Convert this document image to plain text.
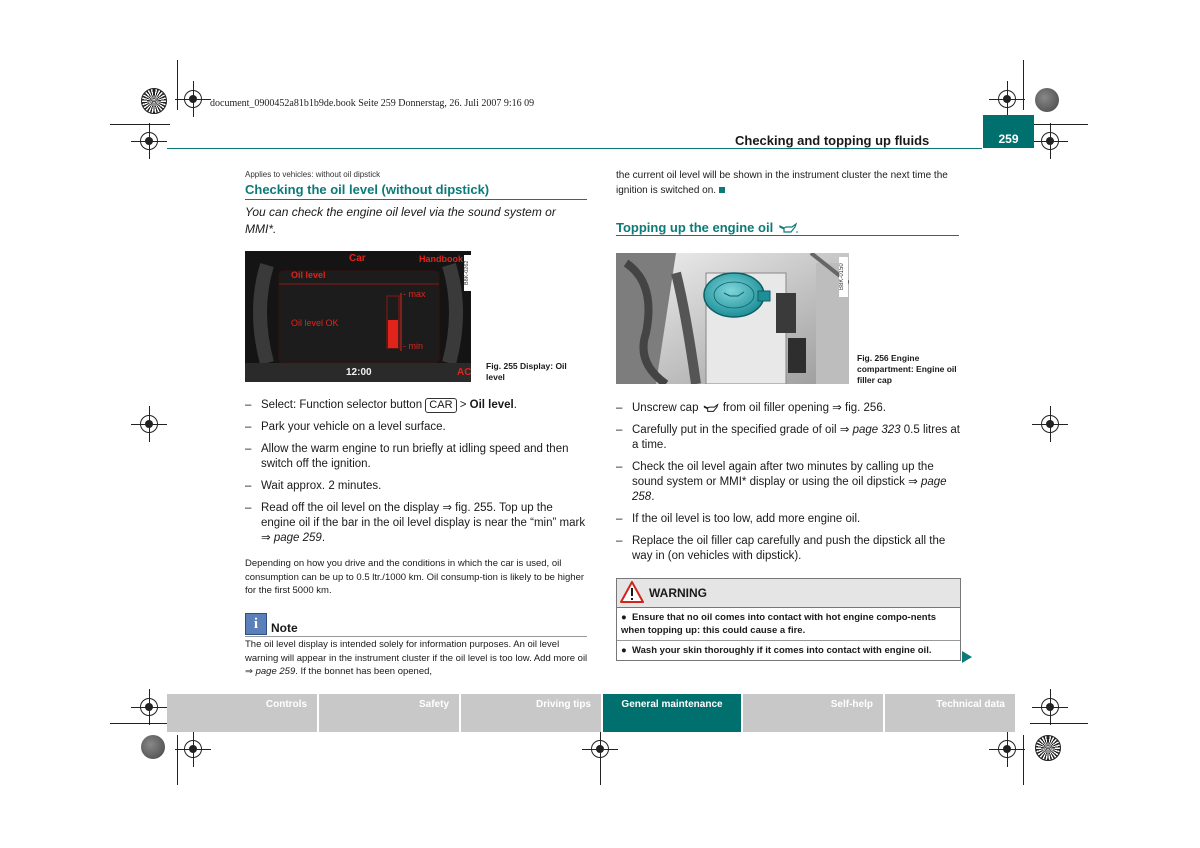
document_0900452a81b1b9de.book Seite 259 Donnerstag, 26. Juli 2007 9:16 09
Checking and topping up fluids	259
Applies to vehicles: without oil dipstick
Checking the oil level (without dipstick)
You can check the engine oil level via the sound system or MMI*.
Car	Handbook
Oil level
Oil level OK
- max
- min
12:00	AC
B8K-0262
Fig. 255 Display: Oil level
– Select: Function selector button CAR > Oil level.
– Park your vehicle on a level surface.
– Allow the warm engine to run briefly at idling speed and then switch off the ignition.
– Wait approx. 2 minutes.
– Read off the oil level on the display ⇒ fig. 255. Top up the engine oil if the bar in the oil level display is near the “min” mark ⇒ page 259.
Depending on how you drive and the conditions in which the car is used, oil consumption can be up to 0.5 ltr./1000 km. Oil consump-tion is likely to be higher for the first 5000 km.
i	Note
The oil level display is intended solely for information purposes. An oil level warning will appear in the instrument cluster if the oil level is too low. Add more oil ⇒ page 259. If the bonnet has been opened,
the current oil level will be shown in the instrument cluster the next time the ignition is switched on.
Topping up the engine oil
B8K-0150
Fig. 256 Engine compartment: Engine oil filler cap
– Unscrew cap  from oil filler opening ⇒ fig. 256.
– Carefully put in the specified grade of oil ⇒ page 323 0.5 litres at a time.
– Check the oil level again after two minutes by calling up the sound system or MMI* display or using the oil dipstick ⇒ page 258.
– If the oil level is too low, add more engine oil.
– Replace the oil filler cap carefully and push the dipstick all the way in (on vehicles with dipstick).
WARNING
●  Ensure that no oil comes into contact with hot engine compo-nents when topping up: this could cause a fire.
●  Wash your skin thoroughly if it comes into contact with engine oil.
Controls	Safety	Driving tips	General maintenance	Self-help	Technical data
